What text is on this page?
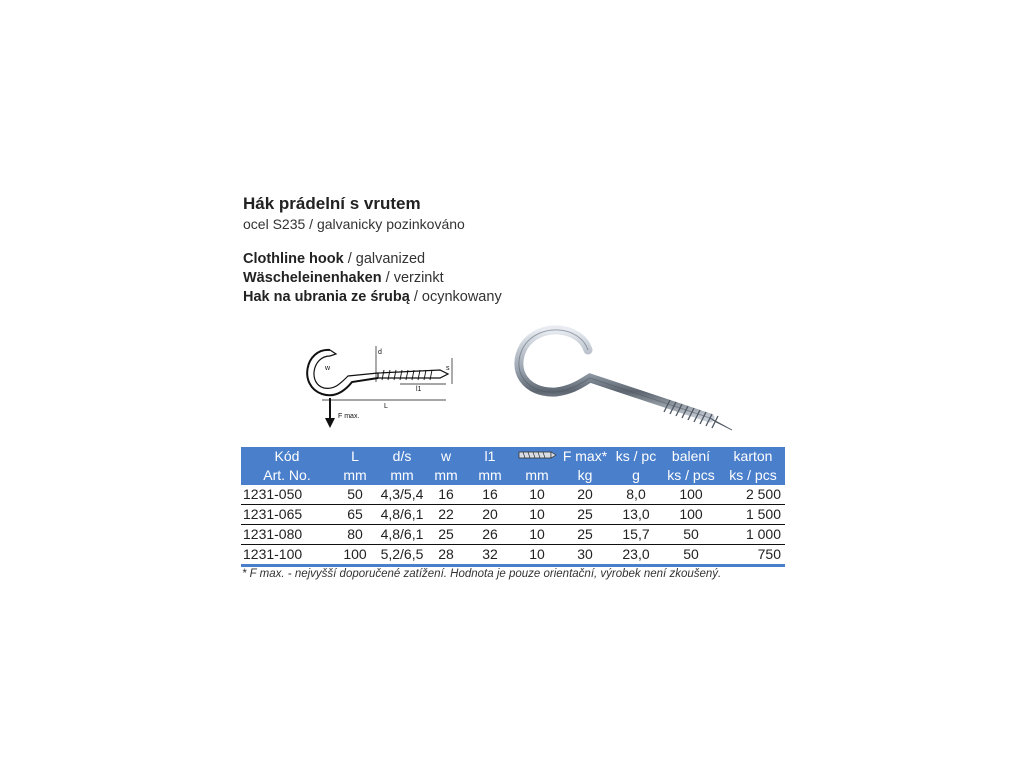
Hák prádelní s vrutem
ocel S235 / galvanicky pozinkováno
Clothline hook / galvanized
Wäscheleinenhaken / verzinkt
Hak na ubrania ze śrubą / ocynkowany
d
s
w
l1
L
F max.
Kód	L	d/s	w	l1		F max*	ks / pc	balení	karton
Art. No.	mm	mm	mm	mm	mm	kg	g	ks / pcs	ks / pcs
1231-050	50	4,3/5,4	16	16	10	20	8,0	100	2 500
1231-065	65	4,8/6,1	22	20	10	25	13,0	100	1 500
1231-080	80	4,8/6,1	25	26	10	25	15,7	50	1 000
1231-100	100	5,2/6,5	28	32	10	30	23,0	50	750
* F max. - nejvyšší doporučené zatížení. Hodnota je pouze orientační, výrobek není zkoušený.
